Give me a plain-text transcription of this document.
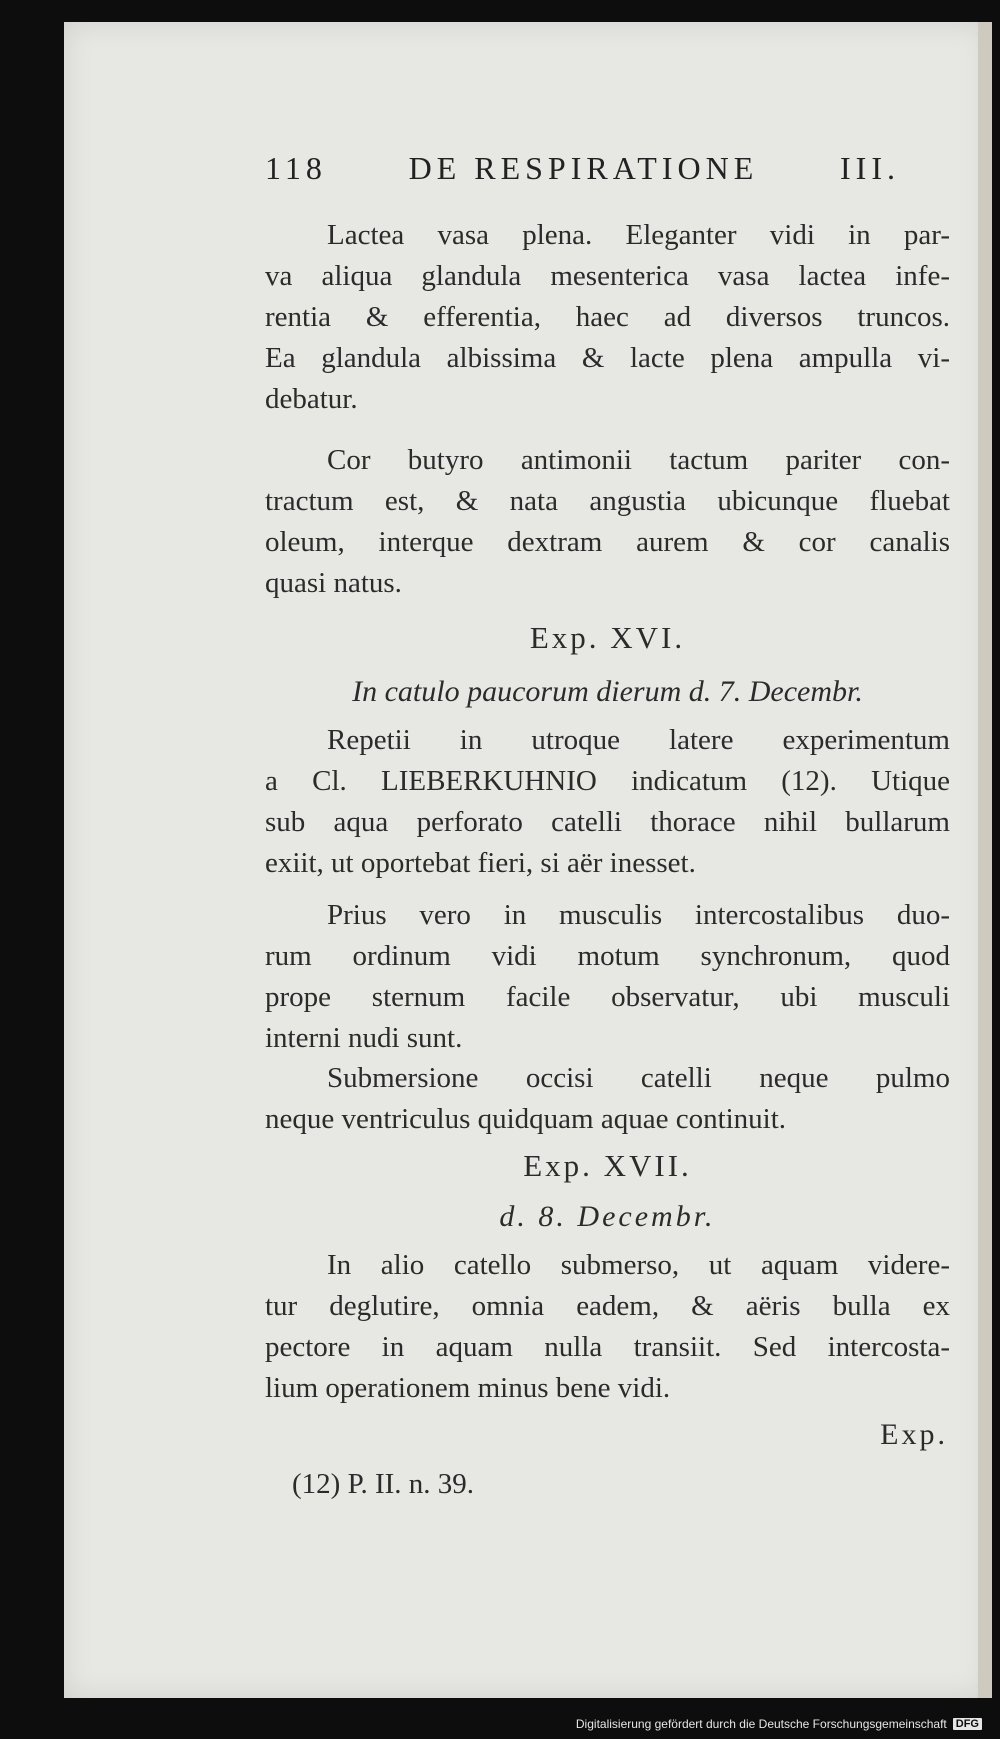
118	DE RESPIRATIONE	III.
Lactea vasa plena. Eleganter vidi in par-
va aliqua glandula mesenterica vasa lactea infe-
rentia & efferentia, haec ad diversos truncos.
Ea glandula albissima & lacte plena ampulla vi-
debatur.
Cor butyro antimonii tactum pariter con-
tractum est, & nata angustia ubicunque fluebat
oleum, interque dextram aurem & cor canalis
quasi natus.
Exp. XVI.
In catulo paucorum dierum d. 7. Decembr.
Repetii in utroque latere experimentum
a Cl. LIEBERKUHNIO indicatum (12). Utique
sub aqua perforato catelli thorace nihil bullarum
exiit, ut oportebat fieri, si aër inesset.
Prius vero in musculis intercostalibus duo-
rum ordinum vidi motum synchronum, quod
prope sternum facile observatur, ubi musculi
interni nudi sunt.
Submersione occisi catelli neque pulmo
neque ventriculus quidquam aquae continuit.
Exp. XVII.
d. 8. Decembr.
In alio catello submerso, ut aquam videre-
tur deglutire, omnia eadem, & aëris bulla ex
pectore in aquam nulla transiit. Sed intercosta-
lium operationem minus bene vidi.
Exp.
(12) P. II. n. 39.
Digitalisierung gefördert durch die Deutsche Forschungsgemeinschaft DFG
